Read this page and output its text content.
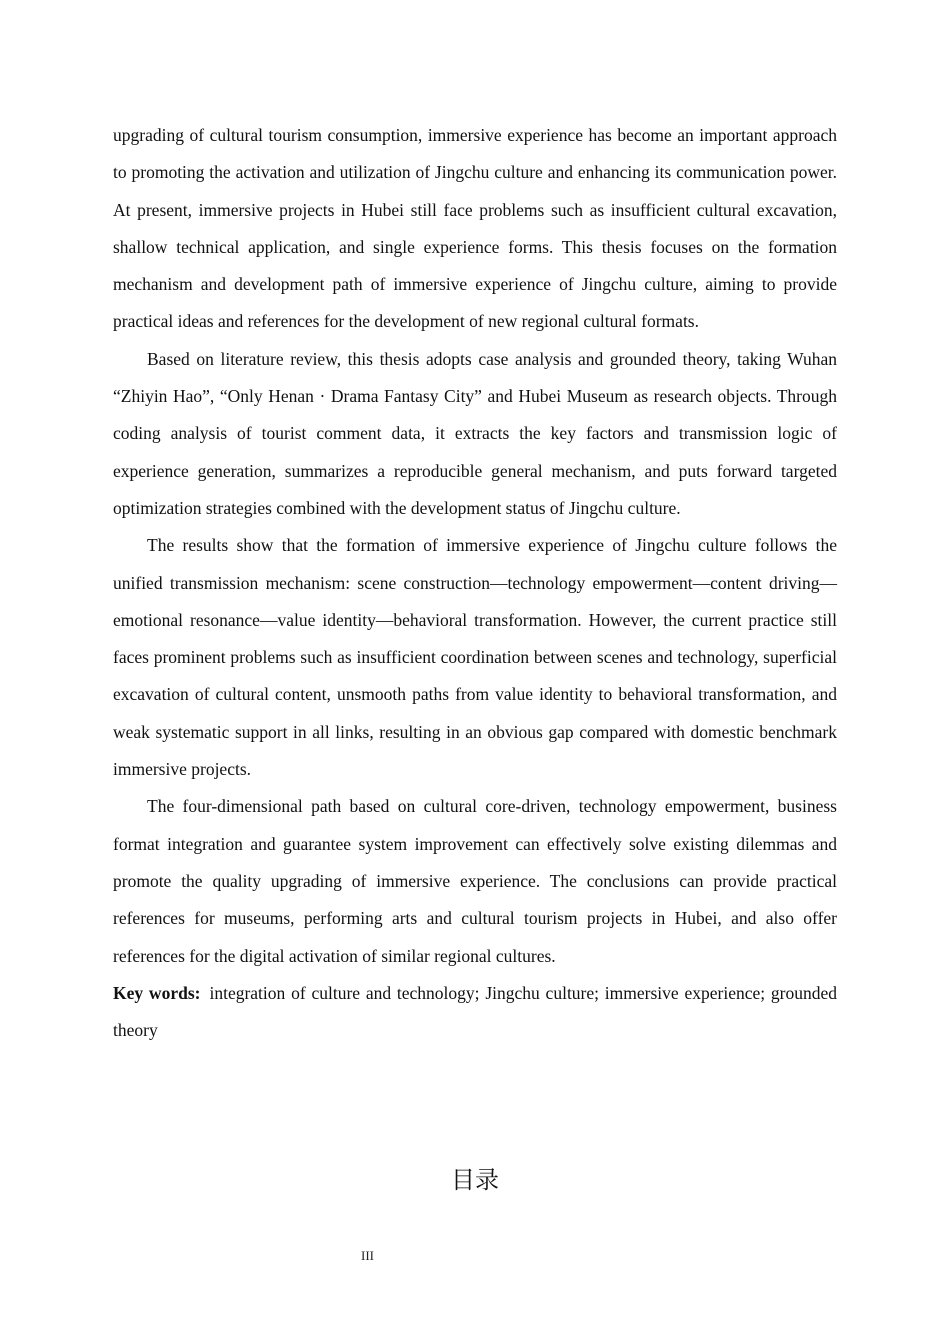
upgrading of cultural tourism consumption, immersive experience has become an important approach to promoting the activation and utilization of Jingchu culture and enhancing its communication power. At present, immersive projects in Hubei still face problems such as insufficient cultural excavation, shallow technical application, and single experience forms. This thesis focuses on the formation mechanism and development path of immersive experience of Jingchu culture, aiming to provide practical ideas and references for the development of new regional cultural formats.

Based on literature review, this thesis adopts case analysis and grounded theory, taking Wuhan “Zhiyin Hao”, “Only Henan · Drama Fantasy City” and Hubei Museum as research objects. Through coding analysis of tourist comment data, it extracts the key factors and transmission logic of experience generation, summarizes a reproducible general mechanism, and puts forward targeted optimization strategies combined with the development status of Jingchu culture.

The results show that the formation of immersive experience of Jingchu culture follows the unified transmission mechanism: scene construction—technology empowerment—content driving—emotional resonance—value identity—behavioral transformation. However, the current practice still faces prominent problems such as insufficient coordination between scenes and technology, superficial excavation of cultural content, unsmooth paths from value identity to behavioral transformation, and weak systematic support in all links, resulting in an obvious gap compared with domestic benchmark immersive projects.

The four-dimensional path based on cultural core-driven, technology empowerment, business format integration and guarantee system improvement can effectively solve existing dilemmas and promote the quality upgrading of immersive experience. The conclusions can provide practical references for museums, performing arts and cultural tourism projects in Hubei, and also offer references for the digital activation of similar regional cultures.

Key words: integration of culture and technology; Jingchu culture; immersive experience; grounded theory

目录
III
